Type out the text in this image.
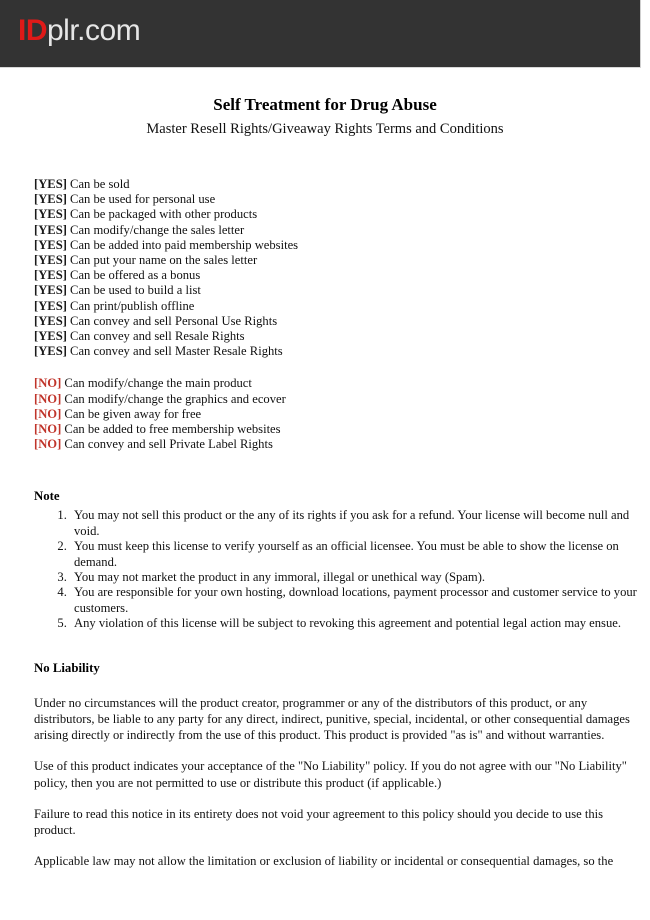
IDplr.com
Self Treatment for Drug Abuse
Master Resell Rights/Giveaway Rights Terms and Conditions
[YES] Can be sold
[YES] Can be used for personal use
[YES] Can be packaged with other products
[YES] Can modify/change the sales letter
[YES] Can be added into paid membership websites
[YES] Can put your name on the sales letter
[YES] Can be offered as a bonus
[YES] Can be used to build a list
[YES] Can print/publish offline
[YES] Can convey and sell Personal Use Rights
[YES] Can convey and sell Resale Rights
[YES] Can convey and sell Master Resale Rights
[NO] Can modify/change the main product
[NO] Can modify/change the graphics and ecover
[NO] Can be given away for free
[NO] Can be added to free membership websites
[NO] Can convey and sell Private Label Rights
Note
1. You may not sell this product or the any of its rights if you ask for a refund. Your license will become null and void.
2. You must keep this license to verify yourself as an official licensee. You must be able to show the license on demand.
3. You may not market the product in any immoral, illegal or unethical way (Spam).
4. You are responsible for your own hosting, download locations, payment processor and customer service to your customers.
5. Any violation of this license will be subject to revoking this agreement and potential legal action may ensue.
No Liability

Under no circumstances will the product creator, programmer or any of the distributors of this product, or any distributors, be liable to any party for any direct, indirect, punitive, special, incidental, or other consequential damages arising directly or indirectly from the use of this product. This product is provided "as is" and without warranties.

Use of this product indicates your acceptance of the "No Liability" policy. If you do not agree with our "No Liability" policy, then you are not permitted to use or distribute this product (if applicable.)

Failure to read this notice in its entirety does not void your agreement to this policy should you decide to use this product.

Applicable law may not allow the limitation or exclusion of liability or incidental or consequential damages, so the
